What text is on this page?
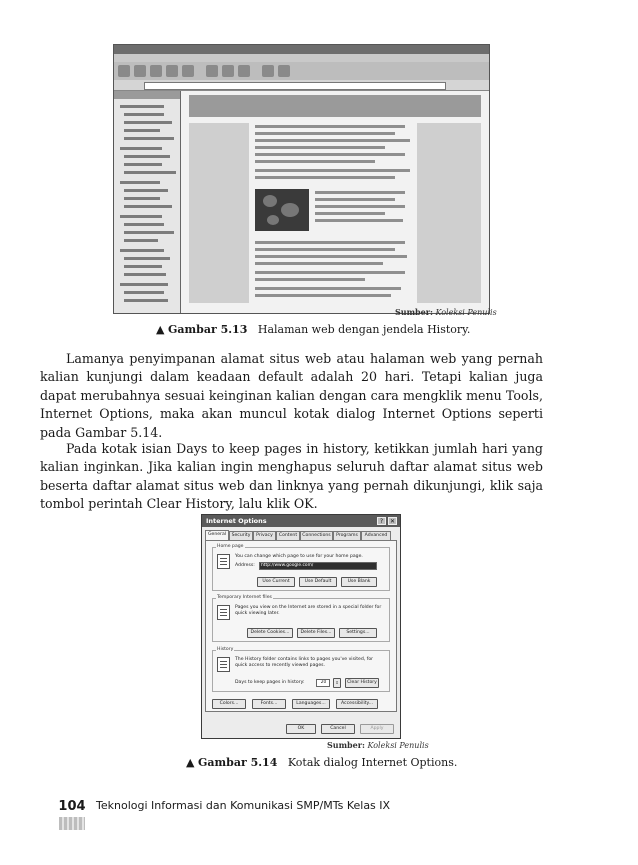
Sumber: Koleksi Penulis
▲ Gambar 5.13 Halaman web dengan jendela History.

Lamanya penyimpanan alamat situs web atau halaman web yang pernah kalian kunjungi dalam keadaan default adalah 20 hari. Tetapi kalian juga dapat merubahnya sesuai keinginan kalian dengan cara mengklik menu Tools, Internet Options, maka akan muncul kotak dialog Internet Options seperti pada Gambar 5.14.

Pada kotak isian Days to keep pages in history, ketikkan jumlah hari yang kalian inginkan. Jika kalian ingin menghapus seluruh daftar alamat situs web beserta daftar alamat situs web dan linknya yang pernah dikunjungi, klik saja tombol perintah Clear History, lalu klik OK.

Internet Options	?	✕
General	Security	Privacy	Content	Connections	Programs	Advanced
Home page
You can change which page to use for your home page.
Address:	http://www.google.com/
Use Current	Use Default	Use Blank
Temporary Internet files
Pages you view on the Internet are stored in a special folder for quick viewing later.
Delete Cookies...	Delete Files...	Settings...
History
The History folder contains links to pages you've visited, for quick access to recently viewed pages.
Days to keep pages in history:	20	⇕	Clear History
Colors...	Fonts...	Languages...	Accessibility...
OK	Cancel	Apply
Sumber: Koleksi Penulis
▲ Gambar 5.14 Kotak dialog Internet Options.
104 Teknologi Informasi dan Komunikasi SMP/MTs Kelas IX
